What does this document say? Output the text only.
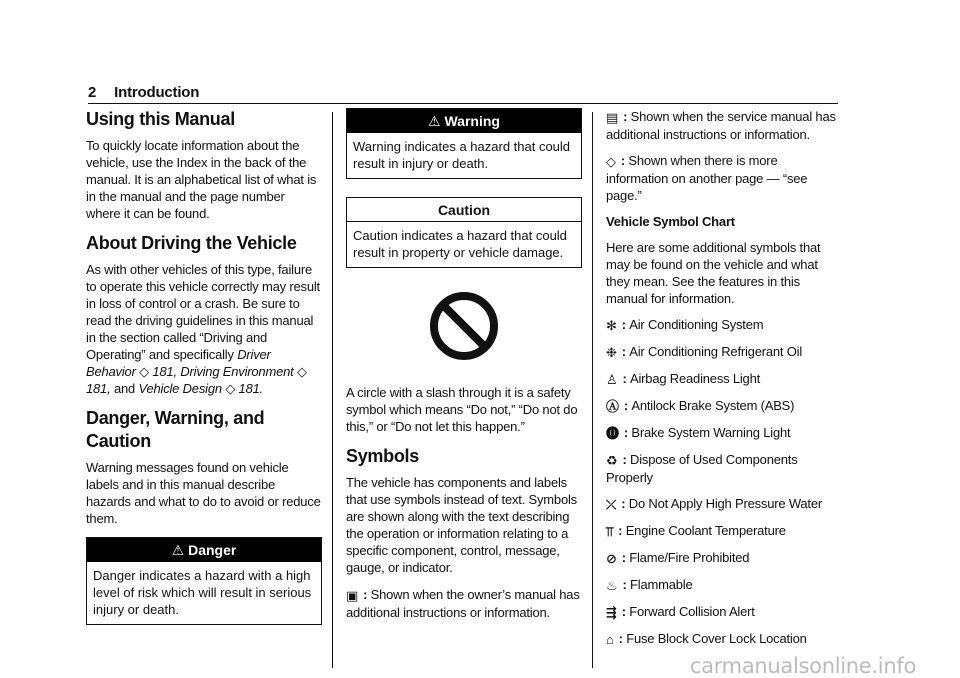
2 Introduction
Using this Manual

To quickly locate information about the vehicle, use the Index in the back of the manual. It is an alphabetical list of what is in the manual and the page number where it can be found.

About Driving the Vehicle

As with other vehicles of this type, failure to operate this vehicle correctly may result in loss of control or a crash. Be sure to read the driving guidelines in this manual in the section called “Driving and Operating” and specifically Driver Behavior ◇ 181, Driving Environment ◇ 181, and Vehicle Design ◇ 181.

Danger, Warning, and Caution

Warning messages found on vehicle labels and in this manual describe hazards and what to do to avoid or reduce them.

⚠ Danger
Danger indicates a hazard with a high level of risk which will result in serious injury or death.
⚠ Warning
Warning indicates a hazard that could result in injury or death.
Caution
Caution indicates a hazard that could result in property or vehicle damage.

A circle with a slash through it is a safety symbol which means “Do not,” “Do not do this,” or “Do not let this happen.”

Symbols

The vehicle has components and labels that use symbols instead of text. Symbols are shown along with the text describing the operation or information relating to a specific component, control, message, gauge, or indicator.

▣ : Shown when the owner’s manual has additional instructions or information.

▤ : Shown when the service manual has additional instructions or information.

◇ : Shown when there is more information on another page — “see page.”

Vehicle Symbol Chart

Here are some additional symbols that may be found on the vehicle and what they mean. See the features in this manual for information.

✻ : Air Conditioning System

❉ : Air Conditioning Refrigerant Oil

♙ : Airbag Readiness Light

Ⓐ : Antilock Brake System (ABS)

⓿ : Brake System Warning Light

♻ : Dispose of Used Components Properly

⤫ : Do Not Apply High Pressure Water

⫪ : Engine Coolant Temperature

⊘ : Flame/Fire Prohibited

♨ : Flammable

⇶ : Forward Collision Alert

⌂ : Fuse Block Cover Lock Location

carmanualsonline.info
